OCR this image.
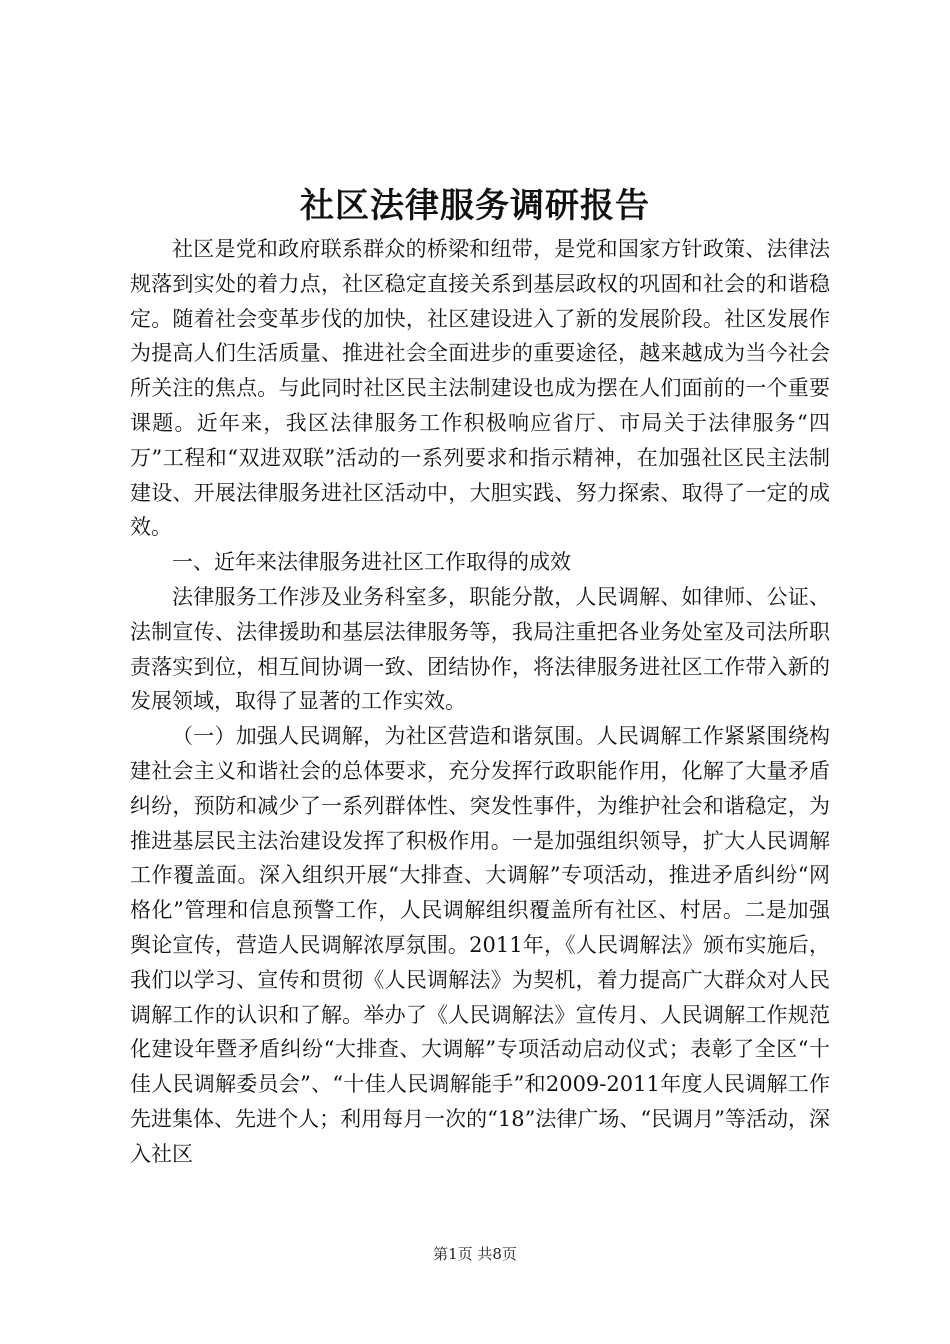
社区法律服务调研报告

社区是党和政府联系群众的桥梁和纽带，是党和国家方针政策、法律法规落到实处的着力点，社区稳定直接关系到基层政权的巩固和社会的和谐稳定。随着社会变革步伐的加快，社区建设进入了新的发展阶段。社区发展作为提高人们生活质量、推进社会全面进步的重要途径，越来越成为当今社会所关注的焦点。与此同时社区民主法制建设也成为摆在人们面前的一个重要课题。近年来，我区法律服务工作积极响应省厅、市局关于法律服务“四万”工程和“双进双联”活动的一系列要求和指示精神，在加强社区民主法制建设、开展法律服务进社区活动中，大胆实践、努力探索、取得了一定的成效。

一、近年来法律服务进社区工作取得的成效

法律服务工作涉及业务科室多，职能分散，人民调解、如律师、公证、法制宣传、法律援助和基层法律服务等，我局注重把各业务处室及司法所职责落实到位，相互间协调一致、团结协作，将法律服务进社区工作带入新的发展领域，取得了显著的工作实效。

（一）加强人民调解，为社区营造和谐氛围。人民调解工作紧紧围绕构建社会主义和谐社会的总体要求，充分发挥行政职能作用，化解了大量矛盾纠纷，预防和减少了一系列群体性、突发性事件，为维护社会和谐稳定，为推进基层民主法治建设发挥了积极作用。一是加强组织领导，扩大人民调解工作覆盖面。深入组织开展“大排查、大调解”专项活动，推进矛盾纠纷“网格化”管理和信息预警工作，人民调解组织覆盖所有社区、村居。二是加强舆论宣传，营造人民调解浓厚氛围。2011年，《人民调解法》颁布实施后，我们以学习、宣传和贯彻《人民调解法》为契机，着力提高广大群众对人民调解工作的认识和了解。举办了《人民调解法》宣传月、人民调解工作规范化建设年暨矛盾纠纷“大排查、大调解”专项活动启动仪式；表彰了全区“十佳人民调解委员会”、“十佳人民调解能手”和2009-2011年度人民调解工作先进集体、先进个人；利用每月一次的“18”法律广场、“民调月”等活动，深入社区

第1页 共8页
